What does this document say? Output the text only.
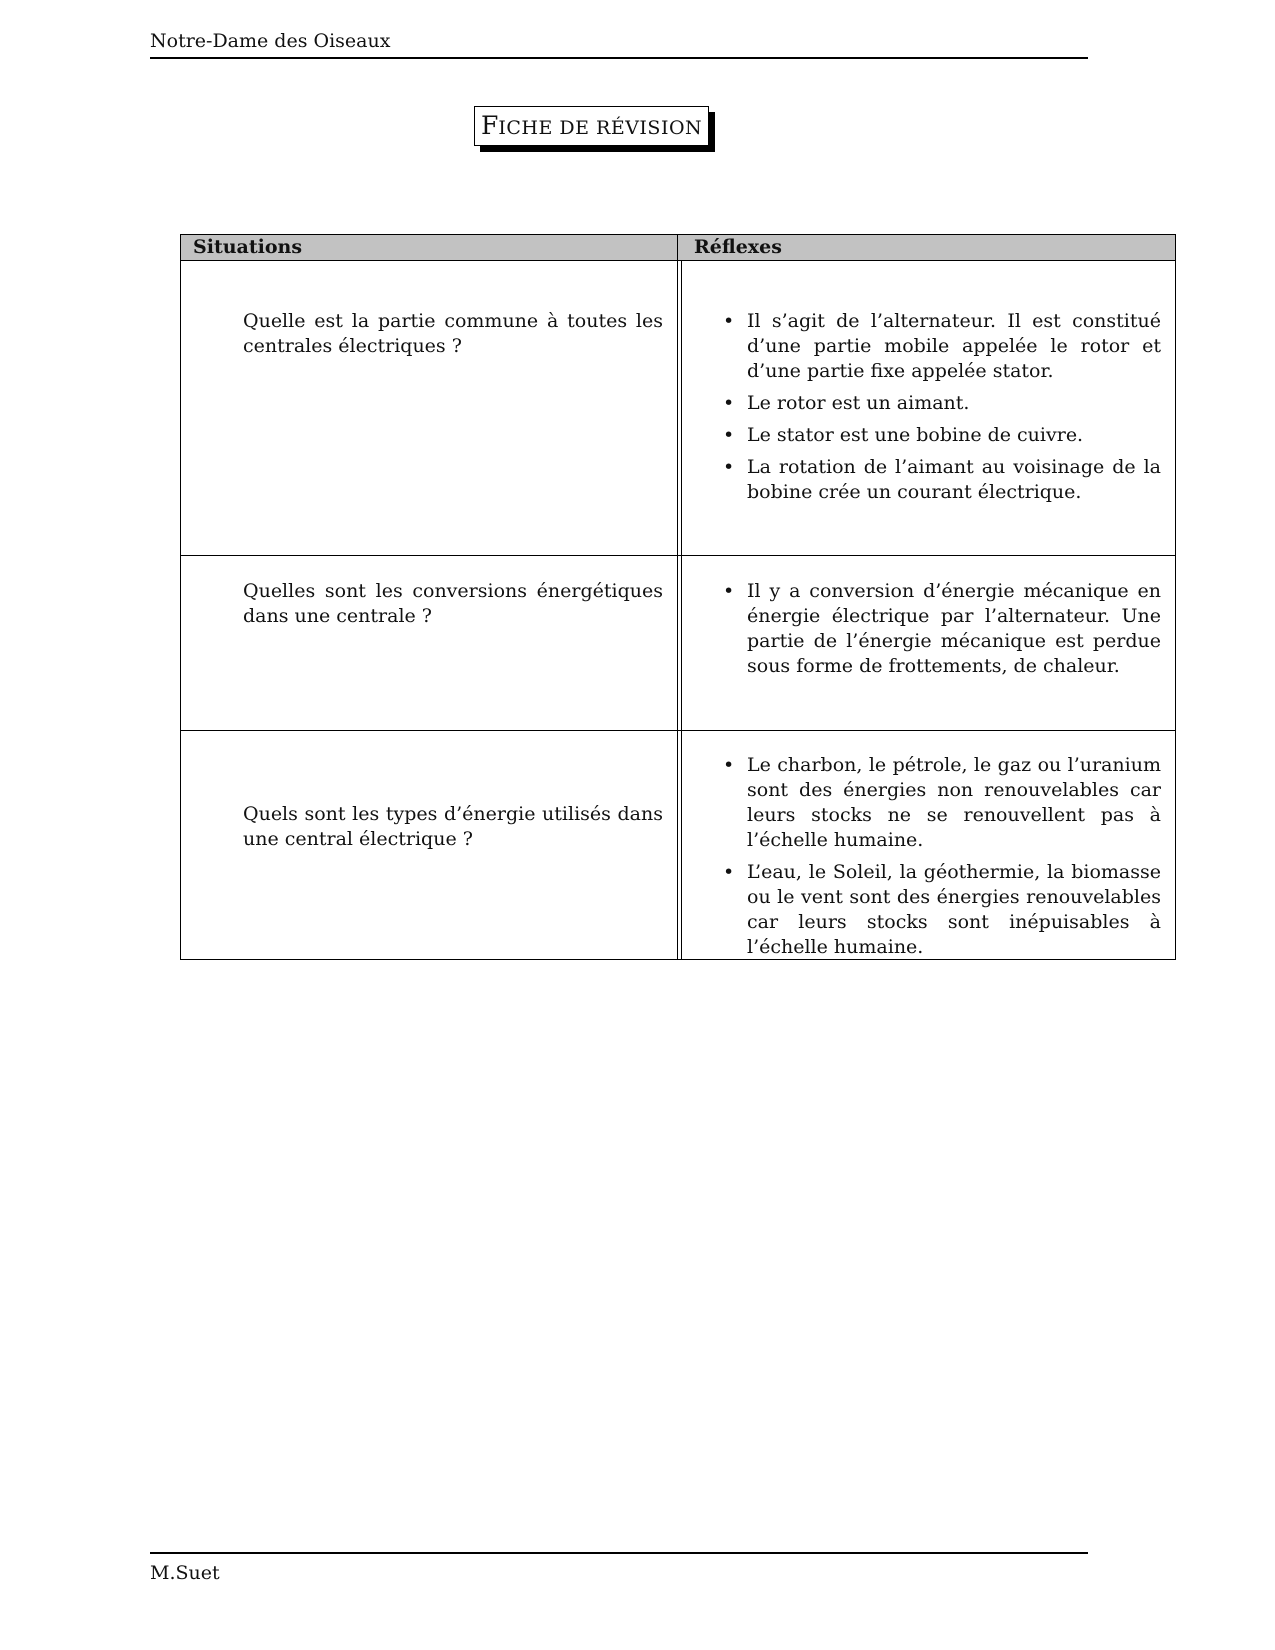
Notre-Dame des Oiseaux
FICHE DE RÉVISION
Situations	Réflexes
Quelle est la partie commune à toutes les centrales électriques ?
• Il s’agit de l’alternateur. Il est constitué d’une partie mobile appelée le rotor et d’une partie fixe appelée stator.
• Le rotor est un aimant.
• Le stator est une bobine de cuivre.
• La rotation de l’aimant au voisinage de la bobine crée un courant électrique.
Quelles sont les conversions énergétiques dans une centrale ?
• Il y a conversion d’énergie mécanique en énergie électrique par l’alternateur. Une partie de l’énergie mécanique est perdue sous forme de frottements, de chaleur.
Quels sont les types d’énergie utilisés dans une central électrique ?
• Le charbon, le pétrole, le gaz ou l’uranium sont des énergies non renouvelables car leurs stocks ne se renouvellent pas à l’échelle humaine.
• L’eau, le Soleil, la géothermie, la biomasse ou le vent sont des énergies renouvelables car leurs stocks sont inépuisables à l’échelle humaine.
M.Suet
